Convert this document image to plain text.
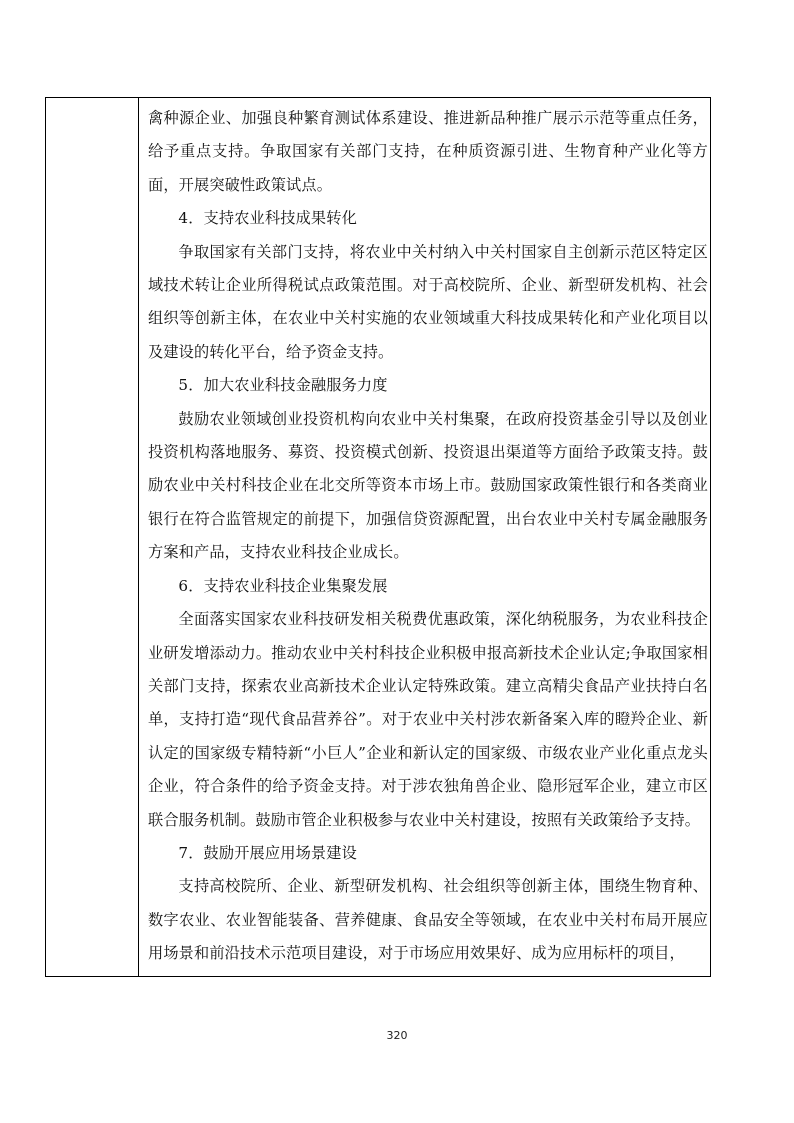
禽种源企业、加强良种繁育测试体系建设、推进新品种推广展示示范等重点任务，给予重点支持。争取国家有关部门支持，在种质资源引进、生物育种产业化等方面，开展突破性政策试点。

4．支持农业科技成果转化

争取国家有关部门支持，将农业中关村纳入中关村国家自主创新示范区特定区域技术转让企业所得税试点政策范围。对于高校院所、企业、新型研发机构、社会组织等创新主体，在农业中关村实施的农业领域重大科技成果转化和产业化项目以及建设的转化平台，给予资金支持。

5．加大农业科技金融服务力度

鼓励农业领域创业投资机构向农业中关村集聚，在政府投资基金引导以及创业投资机构落地服务、募资、投资模式创新、投资退出渠道等方面给予政策支持。鼓励农业中关村科技企业在北交所等资本市场上市。鼓励国家政策性银行和各类商业银行在符合监管规定的前提下，加强信贷资源配置，出台农业中关村专属金融服务方案和产品，支持农业科技企业成长。

6．支持农业科技企业集聚发展

全面落实国家农业科技研发相关税费优惠政策，深化纳税服务，为农业科技企业研发增添动力。推动农业中关村科技企业积极申报高新技术企业认定;争取国家相关部门支持，探索农业高新技术企业认定特殊政策。建立高精尖食品产业扶持白名单，支持打造“现代食品营养谷”。对于农业中关村涉农新备案入库的瞪羚企业、新认定的国家级专精特新“小巨人”企业和新认定的国家级、市级农业产业化重点龙头企业，符合条件的给予资金支持。对于涉农独角兽企业、隐形冠军企业，建立市区联合服务机制。鼓励市管企业积极参与农业中关村建设，按照有关政策给予支持。

7．鼓励开展应用场景建设

支持高校院所、企业、新型研发机构、社会组织等创新主体，围绕生物育种、数字农业、农业智能装备、营养健康、食品安全等领域，在农业中关村布局开展应用场景和前沿技术示范项目建设，对于市场应用效果好、成为应用标杆的项目，

320
